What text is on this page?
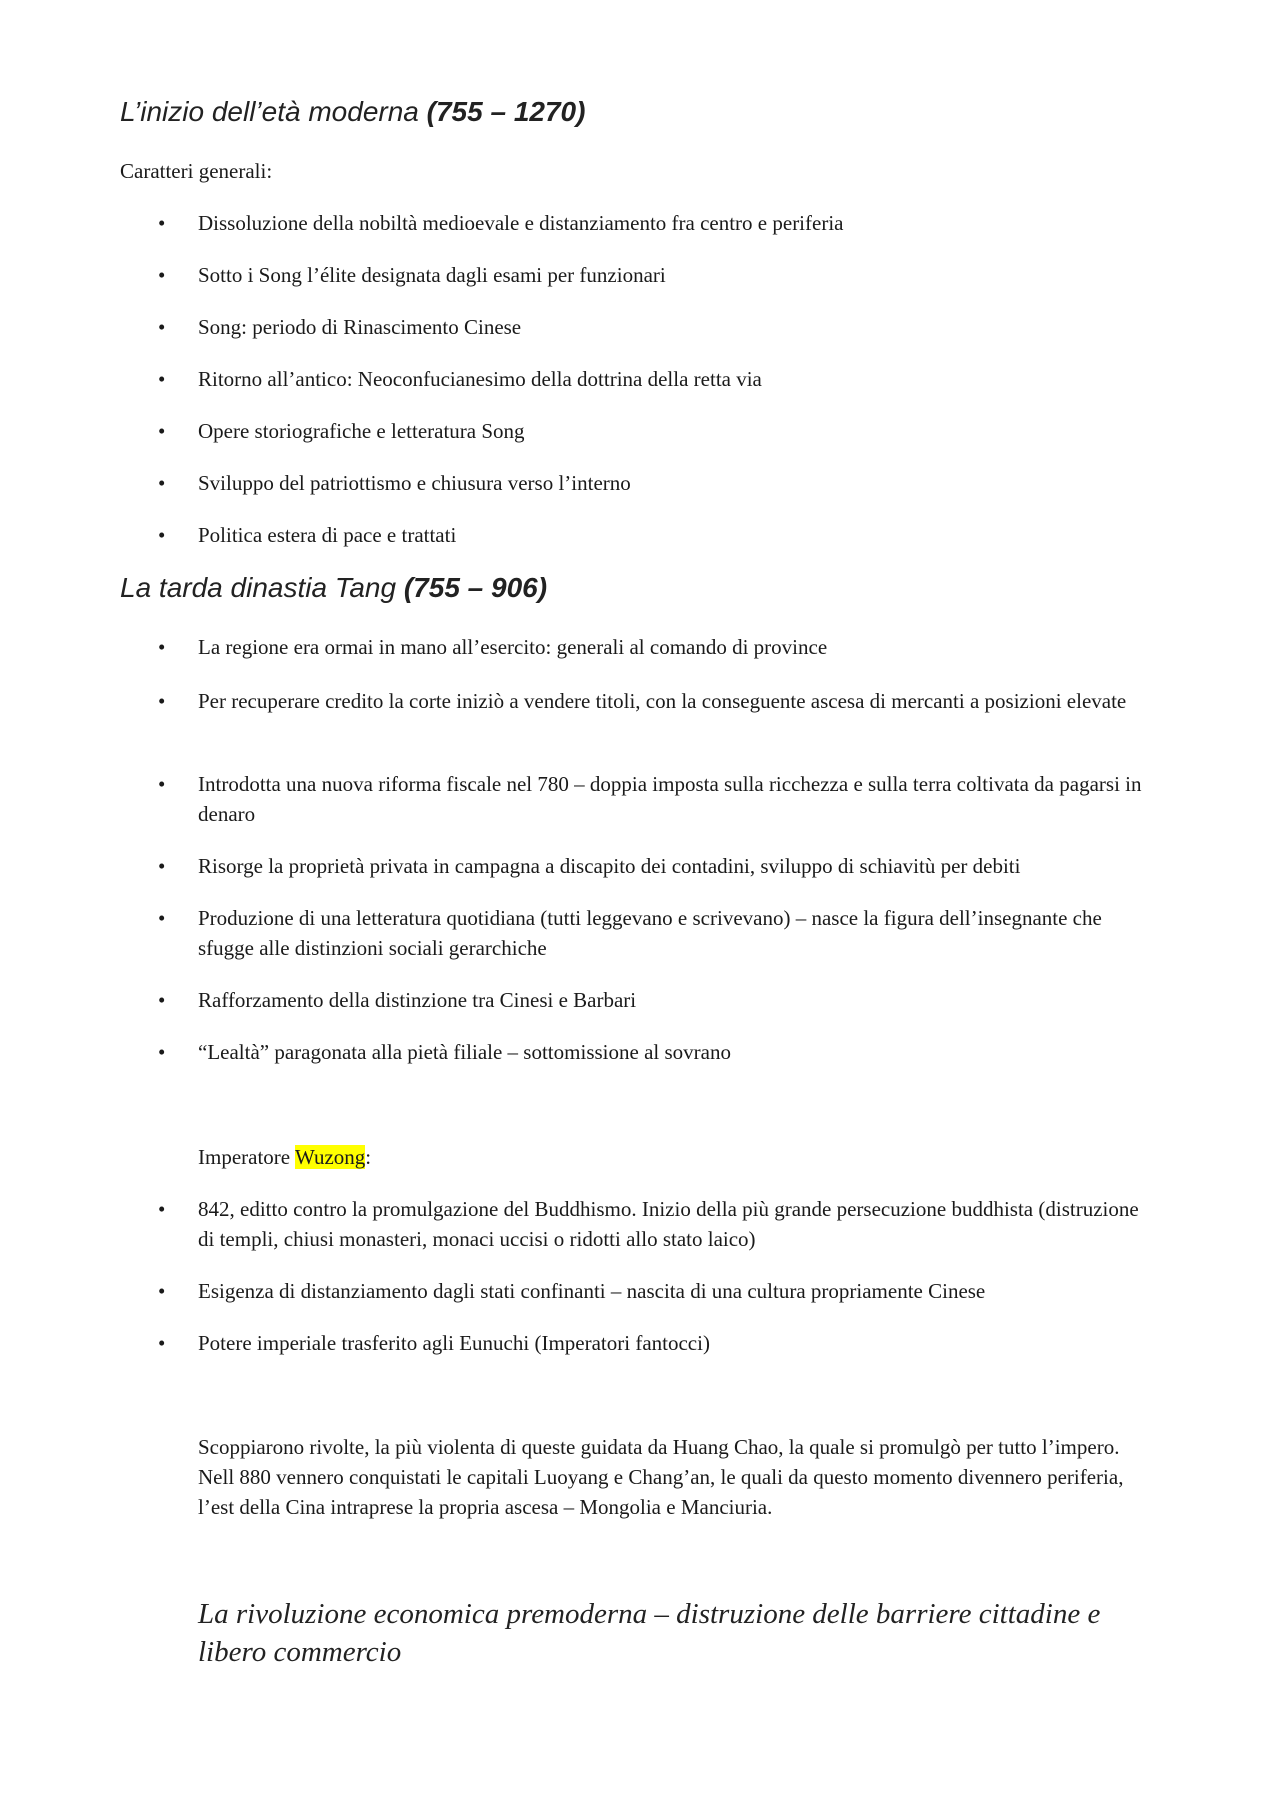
L’inizio dell’età moderna (755 – 1270)

Caratteri generali:

• Dissoluzione della nobiltà medioevale e distanziamento fra centro e periferia
• Sotto i Song l’élite designata dagli esami per funzionari
• Song: periodo di Rinascimento Cinese
• Ritorno all’antico: Neoconfucianesimo della dottrina della retta via
• Opere storiografiche e letteratura Song
• Sviluppo del patriottismo e chiusura verso l’interno
• Politica estera di pace e trattati
La tarda dinastia Tang (755 – 906)
• La regione era ormai in mano all’esercito: generali al comando di province
• Per recuperare credito la corte iniziò a vendere titoli, con la conseguente ascesa di mercanti a posizioni elevate
• Introdotta una nuova riforma fiscale nel 780 – doppia imposta sulla ricchezza e sulla terra coltivata da pagarsi in denaro
• Risorge la proprietà privata in campagna a discapito dei contadini, sviluppo di schiavitù per debiti
• Produzione di una letteratura quotidiana (tutti leggevano e scrivevano) – nasce la figura dell’insegnante che sfugge alle distinzioni sociali gerarchiche
• Rafforzamento della distinzione tra Cinesi e Barbari
• “Lealtà” paragonata alla pietà filiale – sottomissione al sovrano

Imperatore Wuzong:

• 842, editto contro la promulgazione del Buddhismo. Inizio della più grande persecuzione buddhista (distruzione di templi, chiusi monasteri, monaci uccisi o ridotti allo stato laico)
• Esigenza di distanziamento dagli stati confinanti – nascita di una cultura propriamente Cinese
• Potere imperiale trasferito agli Eunuchi (Imperatori fantocci)

Scoppiarono rivolte, la più violenta di queste guidata da Huang Chao, la quale si promulgò per tutto l’impero. Nell 880 vennero conquistati le capitali Luoyang e Chang’an, le quali da questo momento divennero periferia, l’est della Cina intraprese la propria ascesa – Mongolia e Manciuria.

La rivoluzione economica premoderna – distruzione delle barriere cittadine e libero commercio
